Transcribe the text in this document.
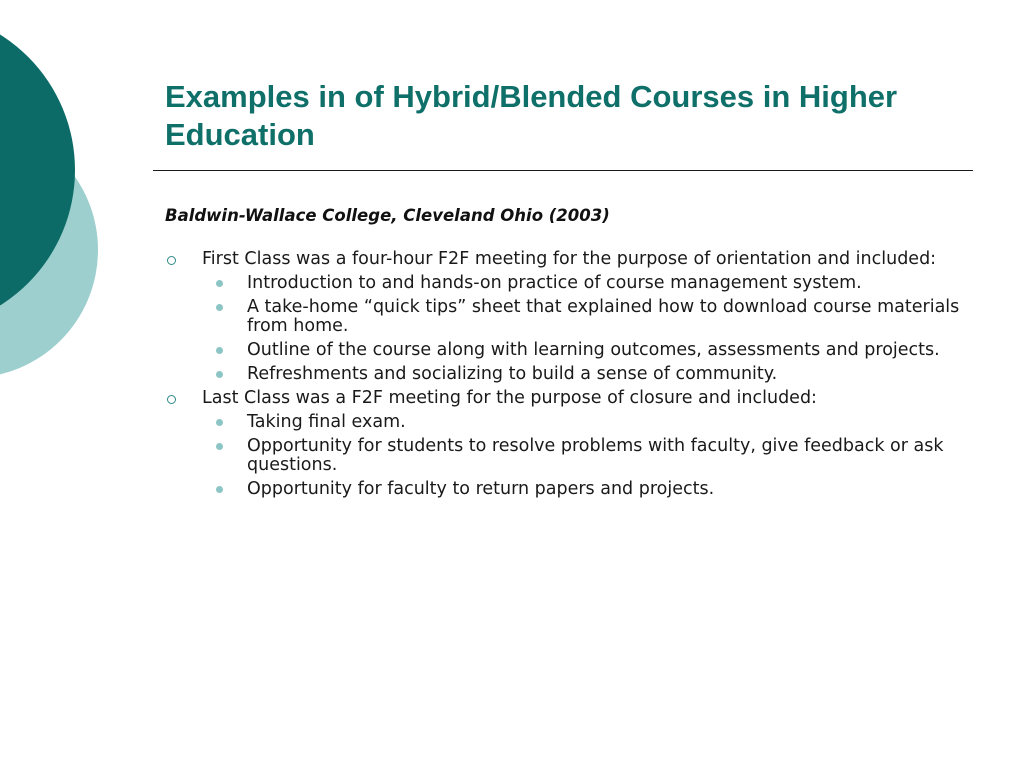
Examples in of Hybrid/Blended Courses in Higher Education
Baldwin-Wallace College, Cleveland Ohio (2003)
First Class was a four-hour F2F meeting for the purpose of orientation and included:
Introduction to and hands-on practice of course management system.
A take-home “quick tips” sheet that explained how to download course materials from home.
Outline of the course along with learning outcomes, assessments and projects.
Refreshments and socializing to build a sense of community.
Last Class was a F2F meeting for the purpose of closure and included:
Taking final exam.
Opportunity for students to resolve problems with faculty, give feedback or ask questions.
Opportunity for faculty to return papers and projects.
